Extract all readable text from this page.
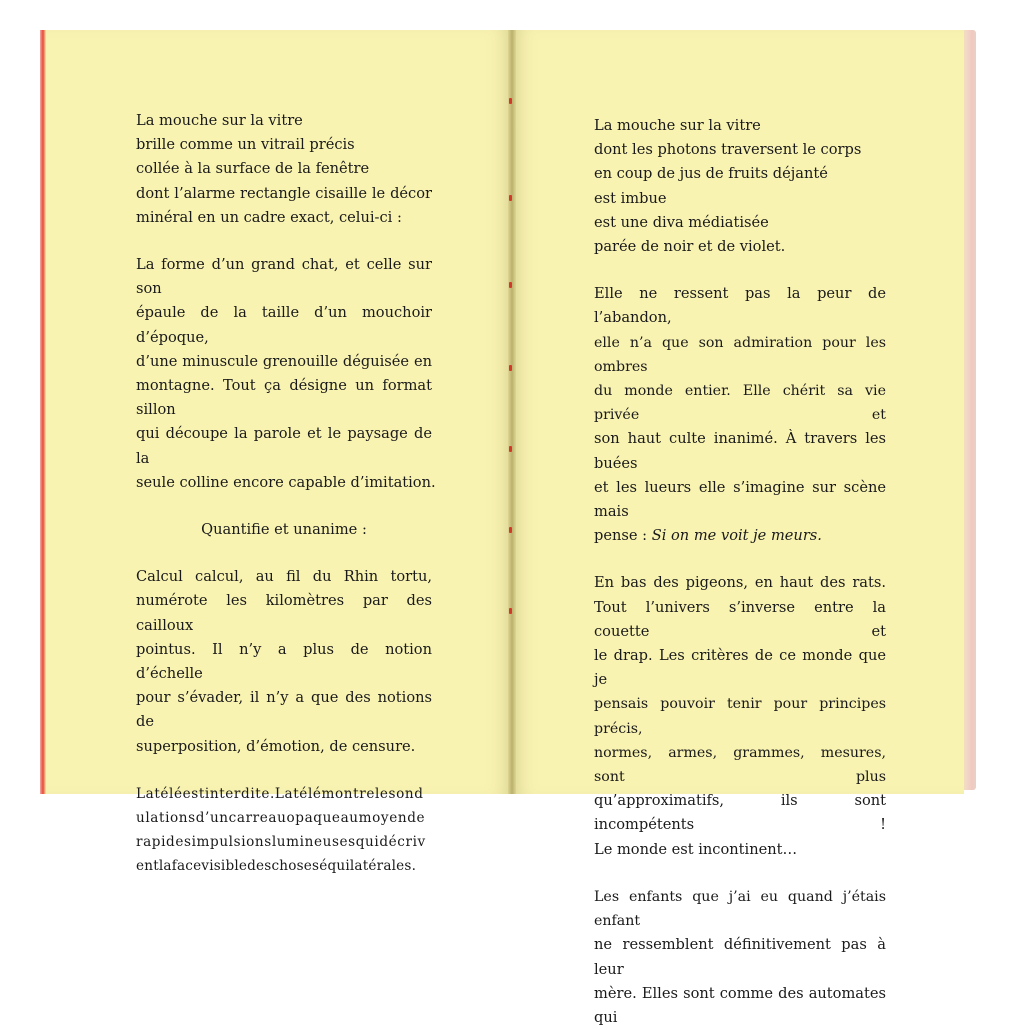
La mouche sur la vitre
brille comme un vitrail précis
collée à la surface de la fenêtre
dont l’alarme rectangle cisaille le décor
minéral en un cadre exact, celui-ci :
La forme d’un grand chat, et celle sur son
épaule de la taille d’un mouchoir d’époque,
d’une minuscule grenouille déguisée en
montagne. Tout ça désigne un format sillon
qui découpe la parole et le paysage de la
seule colline encore capable d’imitation.
Quantifie et unanime :
Calcul calcul, au fil du Rhin tortu,
numérote les kilomètres par des cailloux
pointus. Il n’y a plus de notion d’échelle
pour s’évader, il n’y a que des notions de
superposition, d’émotion, de censure.
Latéléestinterdite.Latélémontrelesond
ulationsd’uncarreauopaqueaumoyende
rapidesimpulsionslumineusesquidécriv
entlafacevisibledeschoseséquilatérales.
La mouche sur la vitre
dont les photons traversent le corps
en coup de jus de fruits déjanté
est imbue
est une diva médiatisée
parée de noir et de violet.
Elle ne ressent pas la peur de l’abandon,
elle n’a que son admiration pour les ombres
du monde entier. Elle chérit sa vie privée et
son haut culte inanimé. À travers les buées
et les lueurs elle s’imagine sur scène mais
pense : Si on me voit je meurs.
En bas des pigeons, en haut des rats.
Tout l’univers s’inverse entre la couette et
le drap. Les critères de ce monde que je
pensais pouvoir tenir pour principes précis,
normes, armes, grammes, mesures, sont plus
qu’approximatifs, ils sont incompétents !
Le monde est incontinent…
Les enfants que j’ai eu quand j’étais enfant
ne ressemblent définitivement pas à leur
mère. Elles sont comme des automates qui
